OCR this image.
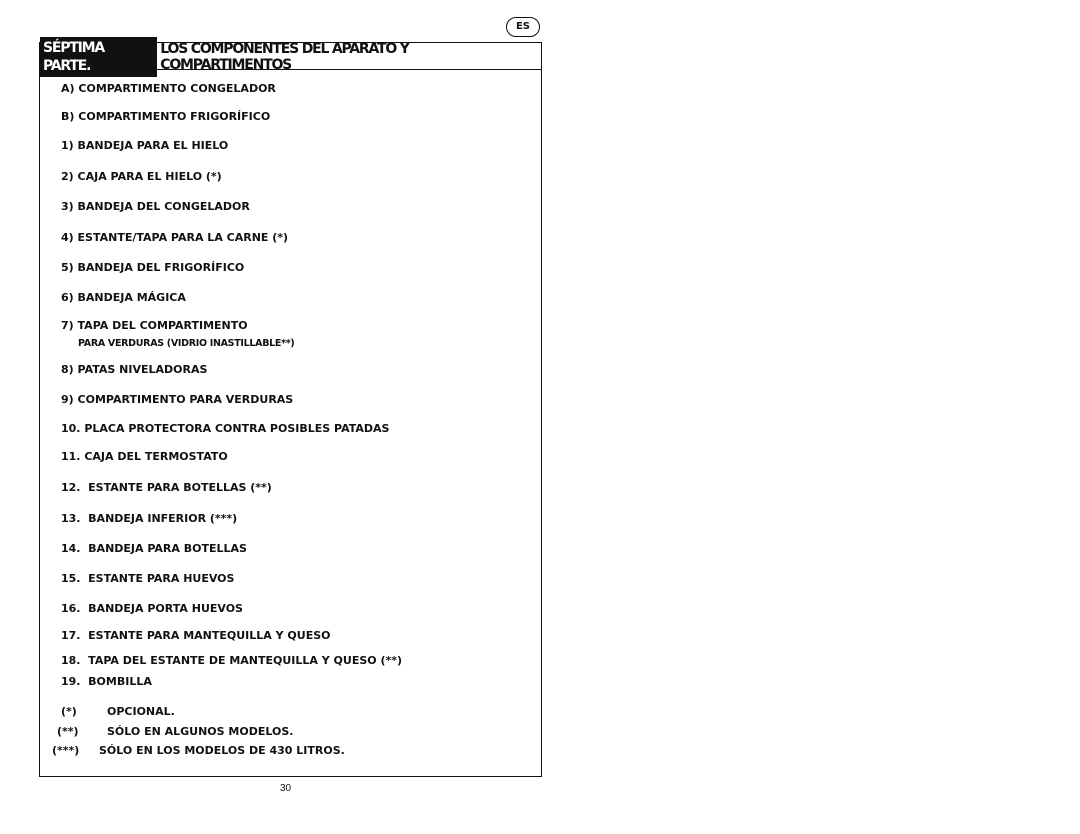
ES
SÉPTIMA PARTE.
LOS COMPONENTES DEL APARATO Y COMPARTIMENTOS
A) COMPARTIMENTO CONGELADOR
B) COMPARTIMENTO FRIGORÍFICO
1) BANDEJA PARA EL HIELO
2) CAJA PARA EL HIELO (*)
3) BANDEJA DEL CONGELADOR
4) ESTANTE/TAPA PARA LA CARNE (*)
5) BANDEJA DEL FRIGORÍFICO
6) BANDEJA MÁGICA
7) TAPA DEL COMPARTIMENTO
PARA VERDURAS (VIDRIO INASTILLABLE**)
8) PATAS NIVELADORAS
9) COMPARTIMENTO PARA VERDURAS
10. PLACA PROTECTORA CONTRA POSIBLES PATADAS
11. CAJA DEL TERMOSTATO
12. ESTANTE PARA BOTELLAS (**)
13. BANDEJA INFERIOR (***)
14. BANDEJA PARA BOTELLAS
15. ESTANTE PARA HUEVOS
16. BANDEJA PORTA HUEVOS
17. ESTANTE PARA MANTEQUILLA Y QUESO
18. TAPA DEL ESTANTE DE MANTEQUILLA Y QUESO (**)
19. BOMBILLA
(*)	OPCIONAL.
(**)	SÓLO EN ALGUNOS MODELOS.
(***) SÓLO EN LOS MODELOS DE 430 LITROS.
30
